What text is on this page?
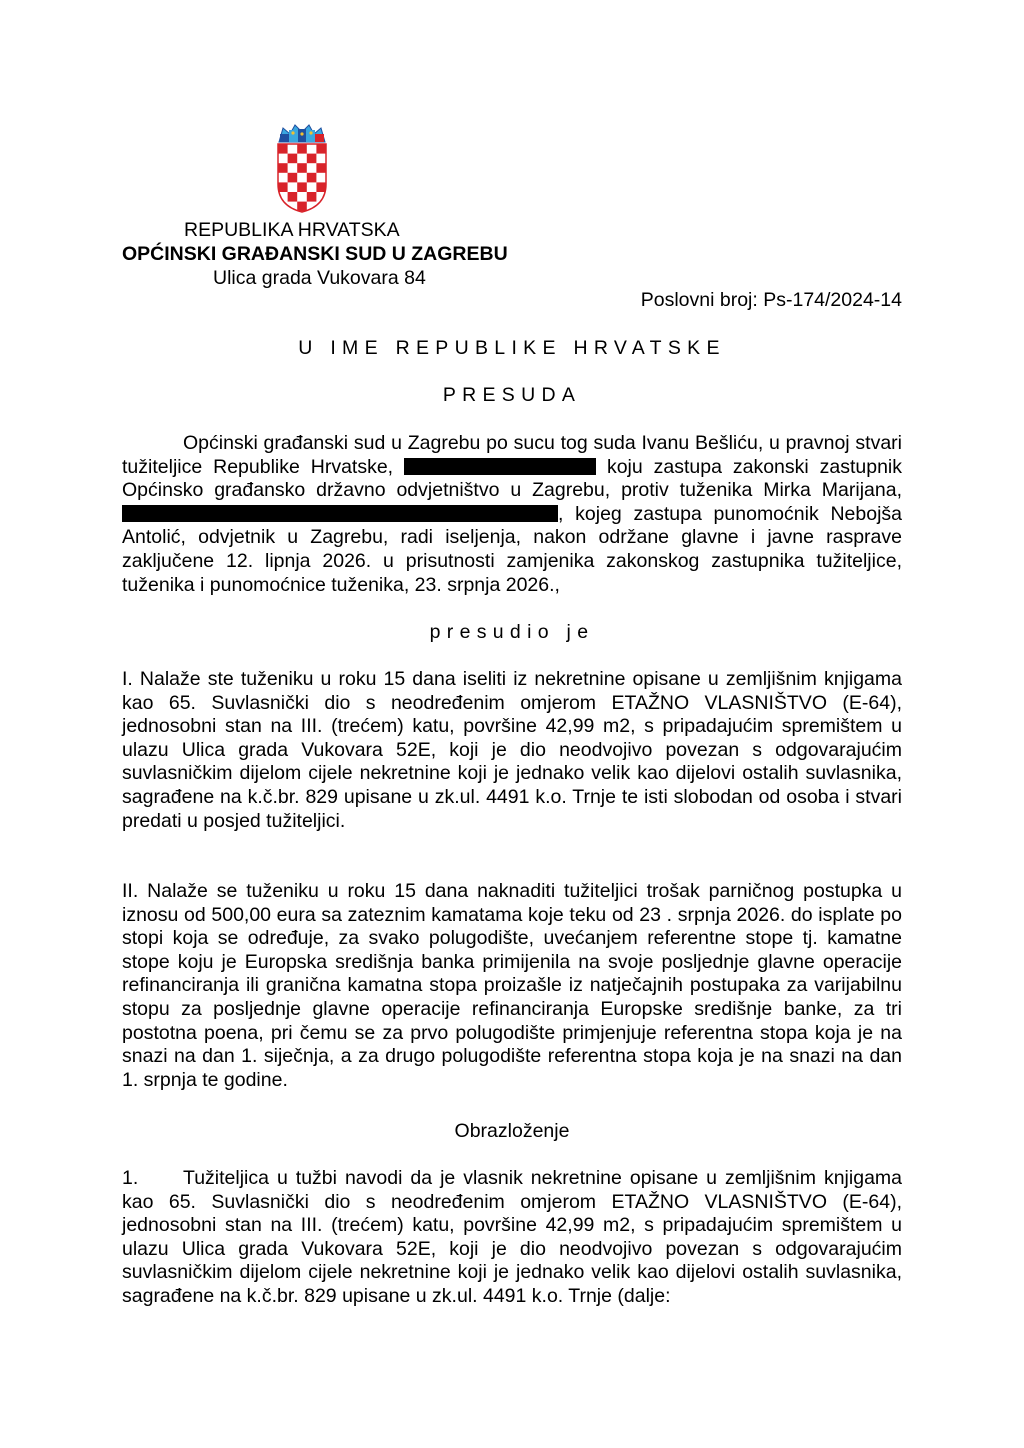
REPUBLIKA HRVATSKA
OPĆINSKI GRAĐANSKI SUD U ZAGREBU
Ulica grada Vukovara 84
Poslovni broj: Ps-174/2024-14
U IME REPUBLIKE HRVATSKE
PRESUDA
Općinski građanski sud u Zagrebu po sucu tog suda Ivanu Bešliću, u pravnoj stvari tužiteljice Republike Hrvatske,	koju zastupa zakonski zastupnik Općinsko građansko državno odvjetništvo u Zagrebu, protiv tuženika Mirka Marijana, , kojeg zastupa punomoćnik Nebojša Antolić, odvjetnik u Zagrebu, radi iseljenja, nakon održane glavne i javne rasprave zaključene 12. lipnja 2026. u prisutnosti zamjenika zakonskog zastupnika tužiteljice, tuženika i punomoćnice tuženika, 23. srpnja 2026.,
presudio je
I. Nalaže ste tuženiku u roku 15 dana iseliti iz nekretnine opisane u zemljišnim knjigama kao 65. Suvlasnički dio s neodređenim omjerom ETAŽNO VLASNIŠTVO (E-64), jednosobni stan na III. (trećem) katu, površine 42,99 m2, s pripadajućim spremištem u ulazu Ulica grada Vukovara 52E, koji je dio neodvojivo povezan s odgovarajućim suvlasničkim dijelom cijele nekretnine koji je jednako velik kao dijelovi ostalih suvlasnika, sagrađene na k.č.br. 829 upisane u zk.ul. 4491 k.o. Trnje te isti slobodan od osoba i stvari predati u posjed tužiteljici.
II. Nalaže se tuženiku u roku 15 dana naknaditi tužiteljici trošak parničnog postupka u iznosu od 500,00 eura sa zateznim kamatama koje teku od 23 . srpnja 2026. do isplate po stopi koja se određuje, za svako polugodište, uvećanjem referentne stope tj. kamatne stope koju je Europska središnja banka primijenila na svoje posljednje glavne operacije refinanciranja ili granična kamatna stopa proizašle iz natječajnih postupaka za varijabilnu stopu za posljednje glavne operacije refinanciranja Europske središnje banke, za tri postotna poena, pri čemu se za prvo polugodište primjenjuje referentna stopa koja je na snazi na dan 1. siječnja, a za drugo polugodište referentna stopa koja je na snazi na dan 1. srpnja te godine.
Obrazloženje
1. Tužiteljica u tužbi navodi da je vlasnik nekretnine opisane u zemljišnim knjigama kao 65. Suvlasnički dio s neodređenim omjerom ETAŽNO VLASNIŠTVO (E-64), jednosobni stan na III. (trećem) katu, površine 42,99 m2, s pripadajućim spremištem u ulazu Ulica grada Vukovara 52E, koji je dio neodvojivo povezan s odgovarajućim suvlasničkim dijelom cijele nekretnine koji je jednako velik kao dijelovi ostalih suvlasnika, sagrađene na k.č.br. 829 upisane u zk.ul. 4491 k.o. Trnje (dalje:
